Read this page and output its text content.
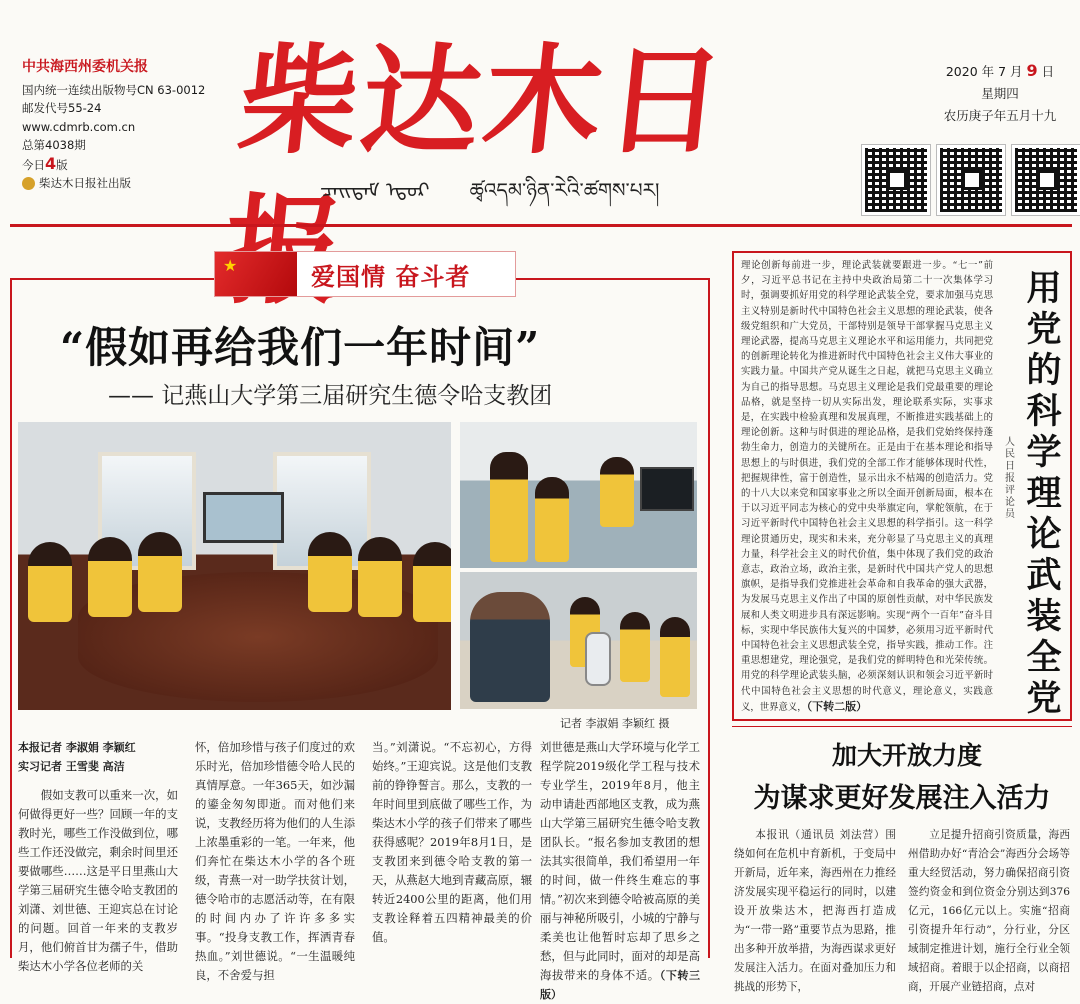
中共海西州委机关报
国内统一连续出版物号CN 63-0012
邮发代号55-24
www.cdmrb.com.cn
总第4038期
今日4版
柴达木日报社出版
柴达木日报
ᠴᠠᠢᠳᠠᠮ ᠡᠳᠦᠷ ཚྭའདམ་ཉིན་རེའི་ཚགས་པར།
2020 年 7 月 9 日
星期四
农历庚子年五月十九
★
爱国情 奋斗者
“假如再给我们一年时间”
—— 记燕山大学第三届研究生德令哈支教团
记者 李淑娟 李颖红 摄
本报记者 李淑娟 李颖红
实习记者 王雪斐 高洁
假如支教可以重来一次，如何做得更好一些？回顾一年的支教时光，哪些工作没做到位，哪些工作还没做完，剩余时间里还要做哪些……这是平日里燕山大学第三届研究生德令哈支教团的刘潇、刘世德、王迎宾总在讨论的问题。回首一年来的支教岁月，他们俯首甘为孺子牛，借助柴达木小学各位老师的关
怀，倍加珍惜与孩子们度过的欢乐时光，倍加珍惜德令哈人民的真情厚意。一年365天，如沙漏的鎏金匆匆即逝。而对他们来说，支教经历将为他们的人生添上浓墨重彩的一笔。一年来，他们奔忙在柴达木小学的各个班级，青燕一对一助学扶贫计划，德令哈市的志愿活动等，在有限的时间内办了许许多多实事。“投身支教工作，挥洒青春热血。”刘世德说。“一生温暖纯良，不舍爱与担
当。”刘潇说。“不忘初心，方得始终。”王迎宾说。这是他们支教前的铮铮誓言。那么，支教的一年时间里到底做了哪些工作，为柴达木小学的孩子们带来了哪些获得感呢？2019年8月1日，是支教团来到德令哈支教的第一天，从燕赵大地到青藏高原，辗转近2400公里的距离，他们用支教诠释着五四精神最美的价值。
刘世德是燕山大学环境与化学工程学院2019级化学工程与技术专业学生，2019年8月，他主动申请赴西部地区支教，成为燕山大学第三届研究生德令哈支教团队长。“报名参加支教团的想法其实很简单，我们希望用一年的时间，做一件终生难忘的事情。”初次来到德令哈被高原的美丽与神秘所吸引，小城的宁静与柔美也让他暂时忘却了思乡之愁，但与此同时，面对的却是高海拔带来的身体不适。（下转三版）
理论创新每前进一步，理论武装就要跟进一步。“七一”前夕，习近平总书记在主持中央政治局第二十一次集体学习时，强调要抓好用党的科学理论武装全党，要求加强马克思主义特别是新时代中国特色社会主义思想的理论武装，使各级党组织和广大党员，干部特别是领导干部掌握马克思主义理论武器，提高马克思主义理论水平和运用能力，共同把党的创新理论转化为推进新时代中国特色社会主义伟大事业的实践力量。中国共产党从诞生之日起，就把马克思主义确立为自己的指导思想。马克思主义理论是我们党最重要的理论品格，就是坚持一切从实际出发，理论联系实际，实事求是，在实践中检验真理和发展真理，不断推进实践基础上的理论创新。这种与时俱进的理论品格，是我们党始终保持蓬勃生命力，创造力的关键所在。正是由于在基本理论和指导思想上的与时俱进，我们党的全部工作才能够体现时代性，把握规律性，富于创造性，显示出永不枯竭的创造活力。党的十八大以来党和国家事业之所以全面开创新局面，根本在于以习近平同志为核心的党中央举旗定向，掌舵领航，在于习近平新时代中国特色社会主义思想的科学指引。这一科学理论贯通历史，现实和未来，充分彰显了马克思主义的真理力量，科学社会主义的时代价值，集中体现了我们党的政治意志，政治立场，政治主张，是新时代中国共产党人的思想旗帜，是指导我们党推进社会革命和自我革命的强大武器，为发展马克思主义作出了中国的原创性贡献，对中华民族发展和人类文明进步具有深远影响。实现“两个一百年”奋斗目标，实现中华民族伟大复兴的中国梦，必须用习近平新时代中国特色社会主义思想武装全党，指导实践，推动工作。注重思想建党，理论强党，是我们党的鲜明特色和光荣传统。用党的科学理论武装头脑，必须深刻认识和领会习近平新时代中国特色社会主义思想的时代意义，理论意义，实践意义，世界意义，（下转二版）
用党的科学理论武装全党
人民日报评论员
加大开放力度
为谋求更好发展注入活力
本报讯（通讯员 刘法营）围绕如何在危机中育新机，于变局中开新局，近年来，海西州在力推经济发展实现平稳运行的同时，以建设开放柴达木，把海西打造成为“一带一路”重要节点为思路，推出多种开放举措，为海西谋求更好发展注入活力。在面对叠加压力和挑战的形势下，
立足提升招商引资质量，海西州借助办好“青洽会”海西分会场等重大经贸活动，努力确保招商引资签约资金和到位资金分别达到376亿元，166亿元以上。实施“招商引资提升年行动”，分行业，分区域制定推进计划，施行全行业全领域招商。着眼于以企招商，以商招商，开展产业链招商，点对
